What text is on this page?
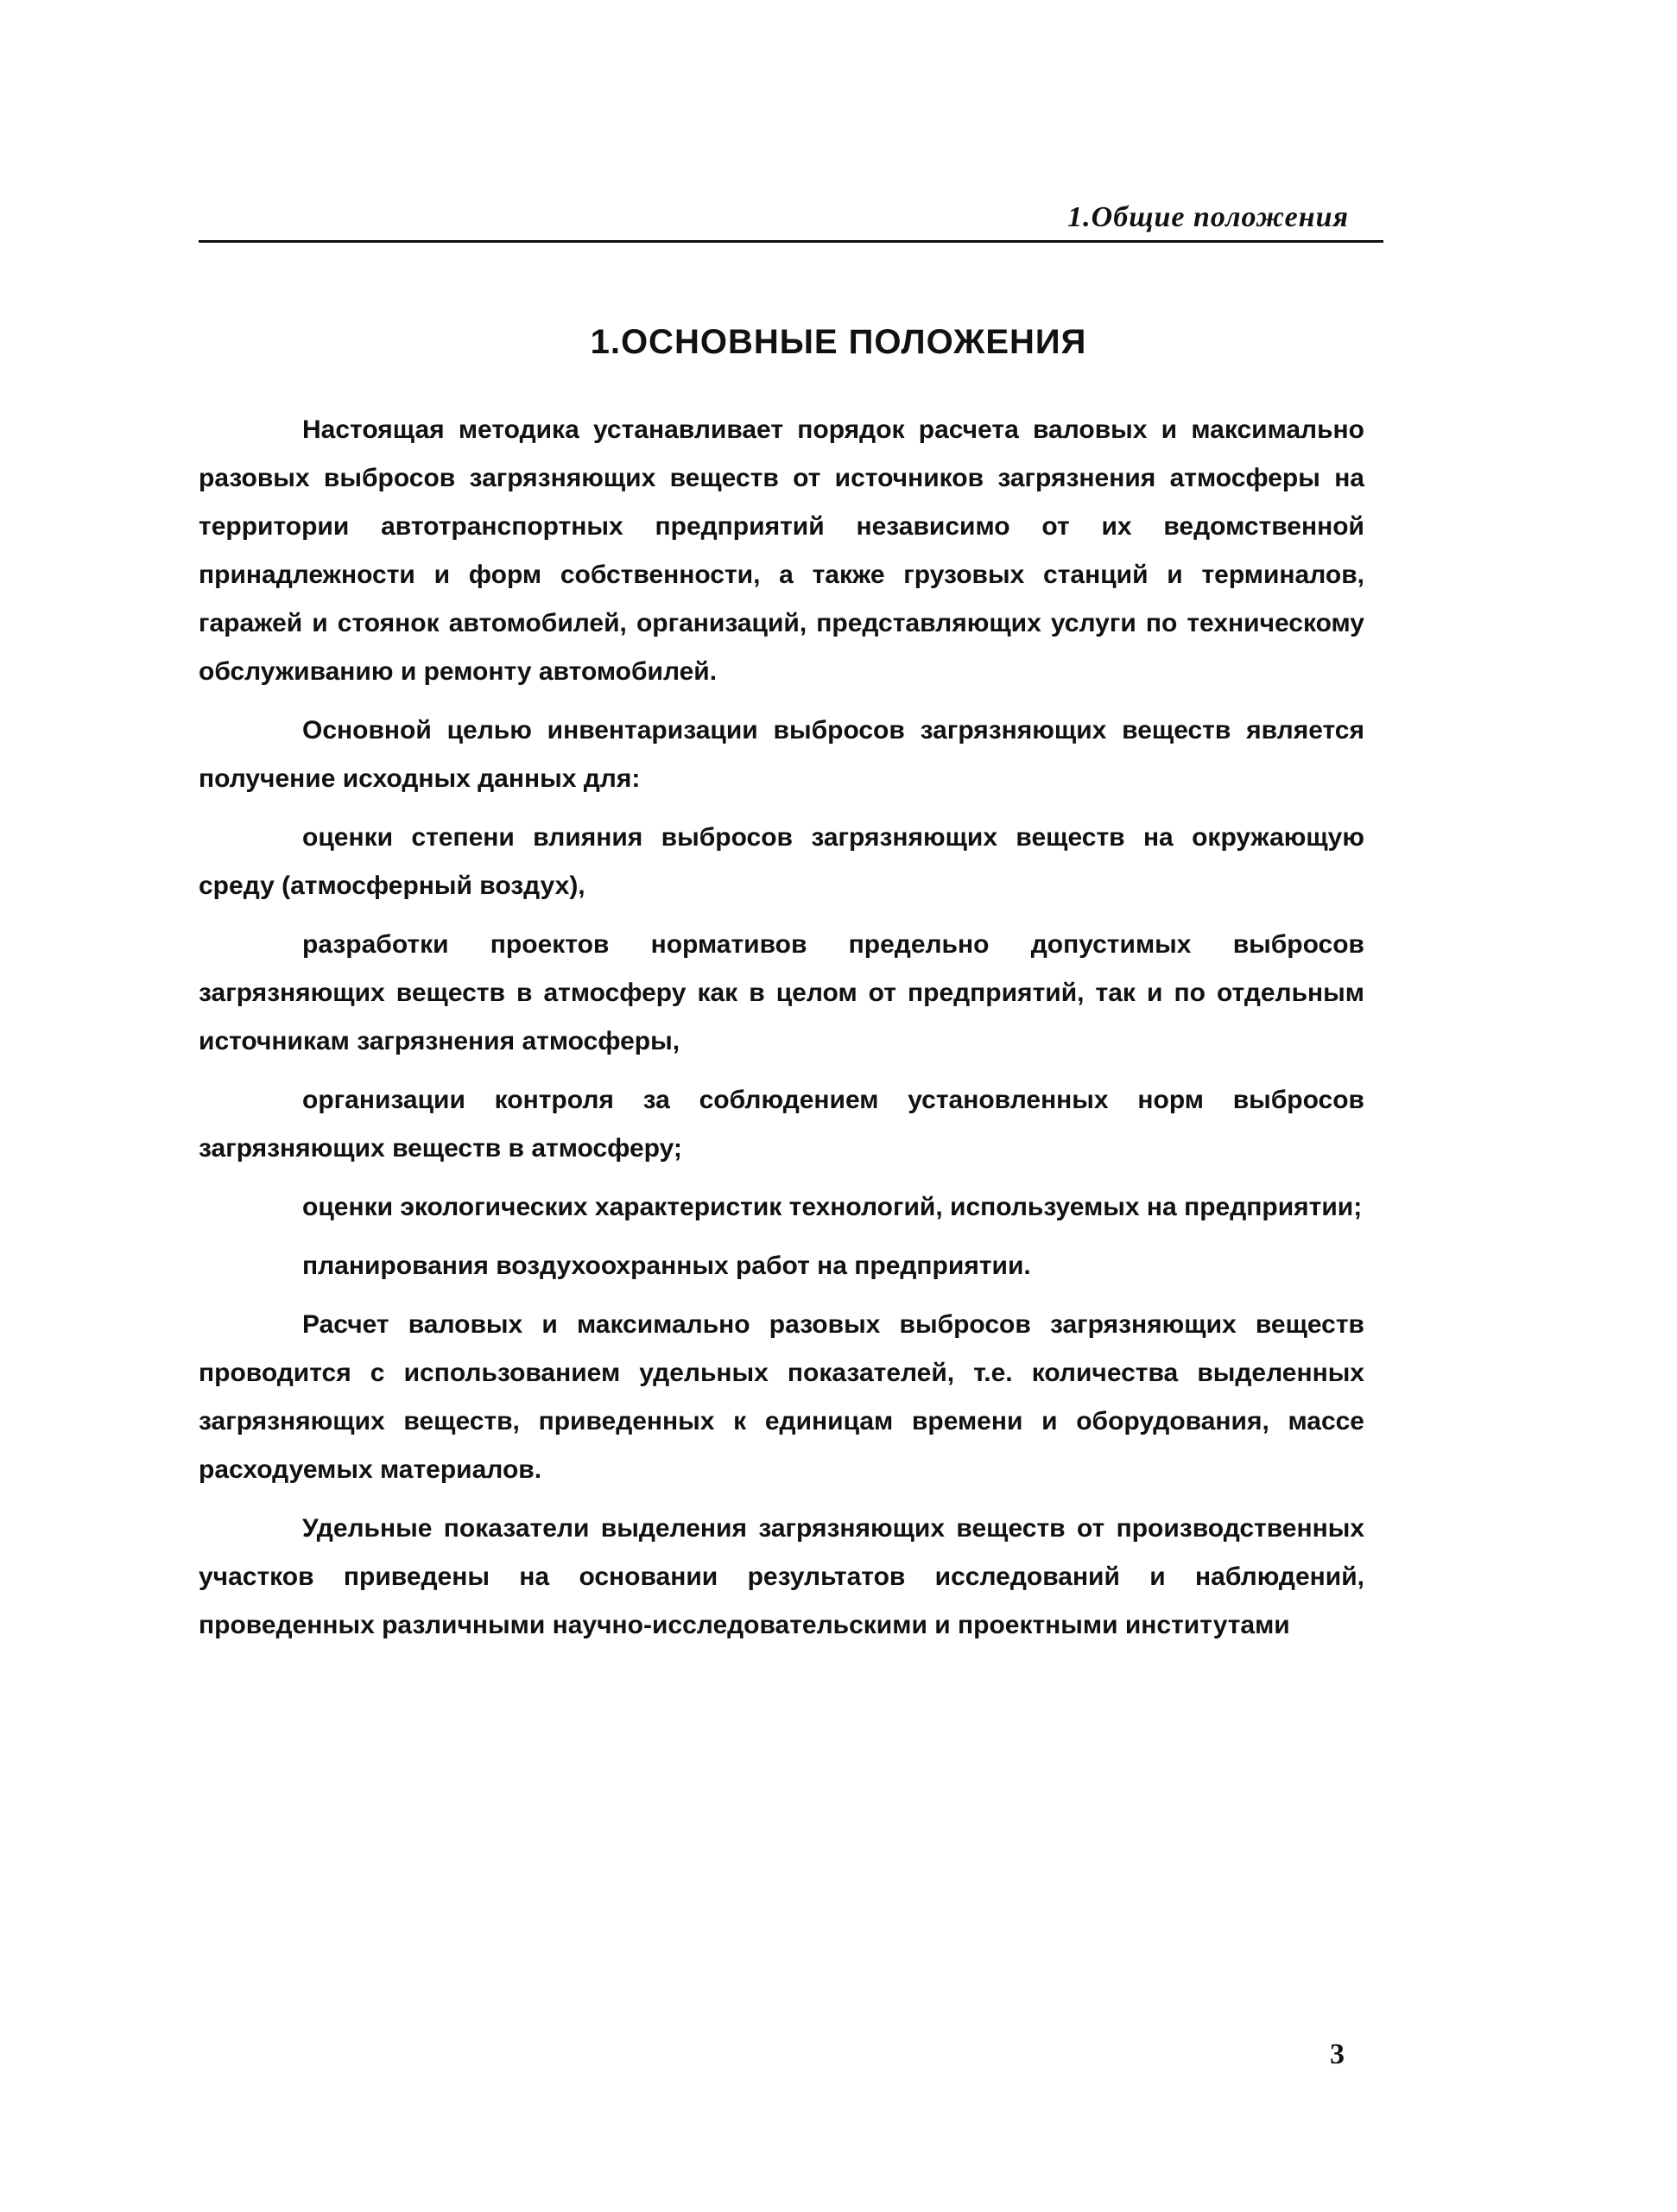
1.Общие положения
1.ОСНОВНЫЕ ПОЛОЖЕНИЯ

Настоящая методика устанавливает порядок расчета валовых и максимально разовых выбросов загрязняющих веществ от источников загрязнения атмосферы на территории автотранспортных предприятий независимо от их ведомственной принадлежности и форм собственности, а также грузовых станций и терминалов, гаражей и стоянок автомобилей, организаций, представляющих услуги по техническому обслуживанию и ремонту автомобилей.

Основной целью инвентаризации выбросов загрязняющих веществ является получение исходных данных для:

оценки степени влияния выбросов загрязняющих веществ на окружающую среду (атмосферный воздух),

разработки проектов нормативов предельно допустимых выбросов загрязняющих веществ в атмосферу как в целом от предприятий, так и по отдельным источникам загрязнения атмосферы,

организации контроля за соблюдением установленных норм выбросов загрязняющих веществ в атмосферу;

оценки экологических характеристик технологий, используемых на предприятии;

планирования воздухоохранных работ на предприятии.

Расчет валовых и максимально разовых выбросов загрязняющих веществ проводится с использованием удельных показателей, т.е. количества выделенных загрязняющих веществ, приведенных к единицам времени и оборудования, массе расходуемых материалов.

Удельные показатели выделения загрязняющих веществ от производственных участков приведены на основании результатов исследований и наблюдений, проведенных различными научно-исследовательскими и проектными институтами

3
